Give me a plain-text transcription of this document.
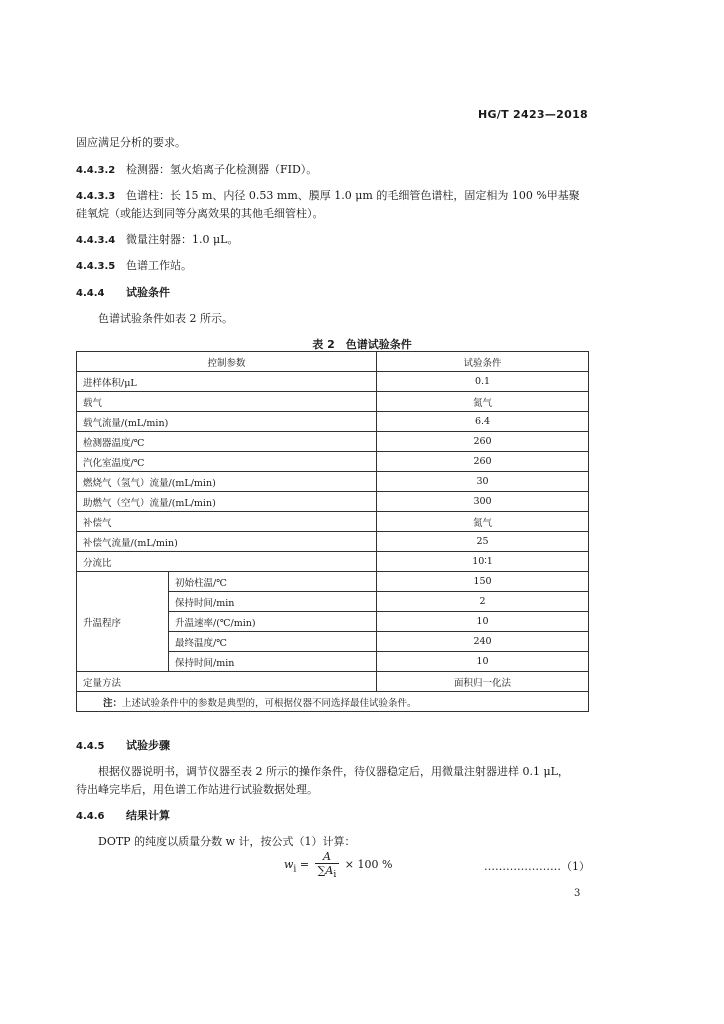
HG/T 2423—2018
固应满足分析的要求。
4.4.3.2 检测器：氢火焰离子化检测器（FID）。
4.4.3.3 色谱柱：长 15 m、内径 0.53 mm、膜厚 1.0 μm 的毛细管色谱柱，固定相为 100 %甲基聚
硅氧烷（或能达到同等分离效果的其他毛细管柱）。
4.4.3.4 微量注射器：1.0 μL。
4.4.3.5 色谱工作站。
4.4.4 试验条件
色谱试验条件如表 2 所示。
表 2　色谱试验条件
控制参数		试验条件
进样体积/μL		0.1
载气		氮气
载气流量/(mL/min)		6.4
检测器温度/℃		260
汽化室温度/℃		260
燃烧气（氢气）流量/(mL/min)		30
助燃气（空气）流量/(mL/min)		300
补偿气		氮气
补偿气流量/(mL/min)		25
分流比		10∶1
升温程序	初始柱温/℃	150
	保持时间/min	2
	升温速率/(℃/min)	10
	最终温度/℃	240
	保持时间/min	10
定量方法		面积归一化法
注：上述试验条件中的参数是典型的，可根据仪器不同选择最佳试验条件。		
4.4.5 试验步骤
根据仪器说明书，调节仪器至表 2 所示的操作条件，待仪器稳定后，用微量注射器进样 0.1 μL，
待出峰完毕后，用色谱工作站进行试验数据处理。
4.4.6 结果计算
DOTP 的纯度以质量分数 w 计，按公式（1）计算：
$w_i = \frac{A}{\sum A_i} \times 100$ %	…………………（1）
3
